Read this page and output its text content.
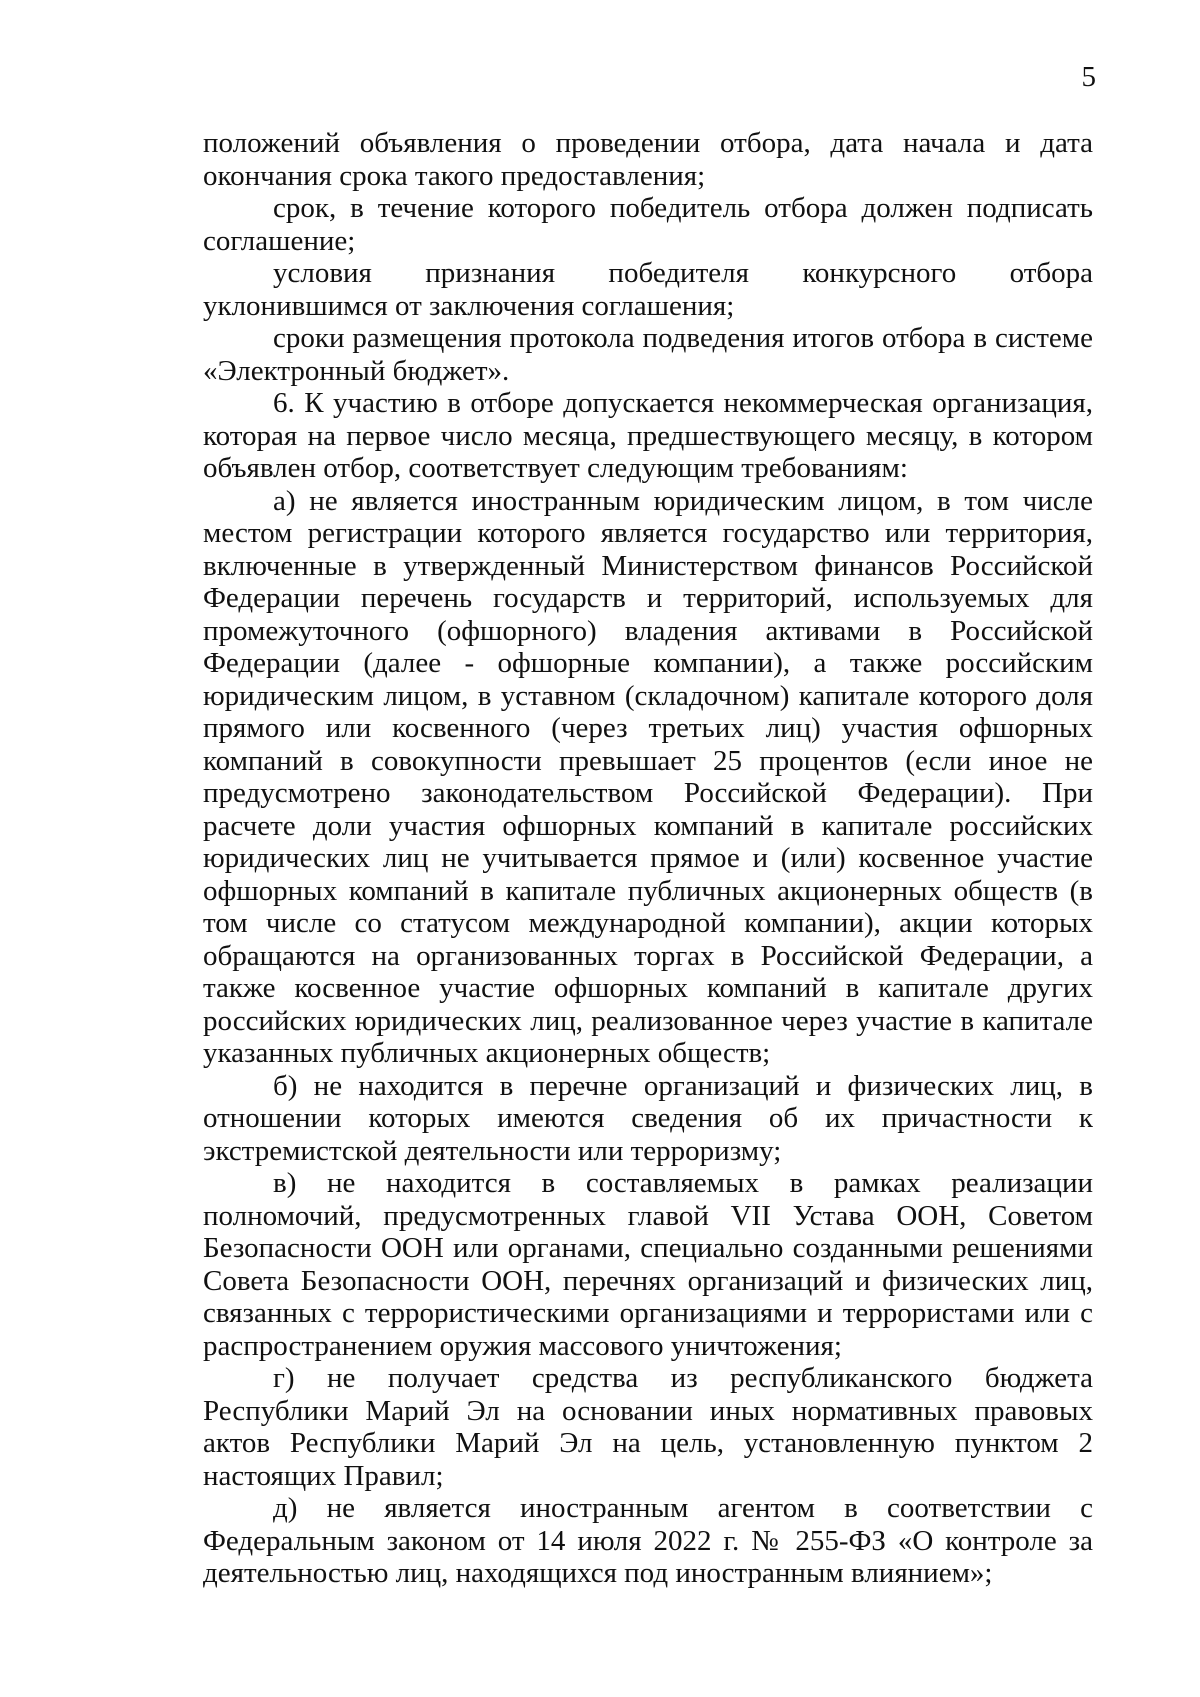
5

положений объявления о проведении отбора, дата начала и дата окончания срока такого предоставления;

срок, в течение которого победитель отбора должен подписать соглашение;

условия признания победителя конкурсного отбора уклонившимся от заключения соглашения;

сроки размещения протокола подведения итогов отбора в системе «Электронный бюджет».

6. К участию в отборе допускается некоммерческая организация, которая на первое число месяца, предшествующего месяцу, в котором объявлен отбор, соответствует следующим требованиям:

а) не является иностранным юридическим лицом, в том числе местом регистрации которого является государство или территория, включенные в утвержденный Министерством финансов Российской Федерации перечень государств и территорий, используемых для промежуточного (офшорного) владения активами в Российской Федерации (далее - офшорные компании), а также российским юридическим лицом, в уставном (складочном) капитале которого доля прямого или косвенного (через третьих лиц) участия офшорных компаний в совокупности превышает 25 процентов (если иное не предусмотрено законодательством Российской Федерации). При расчете доли участия офшорных компаний в капитале российских юридических лиц не учитывается прямое и (или) косвенное участие офшорных компаний в капитале публичных акционерных обществ (в том числе со статусом международной компании), акции которых обращаются на организованных торгах в Российской Федерации, а также косвенное участие офшорных компаний в капитале других российских юридических лиц, реализованное через участие в капитале указанных публичных акционерных обществ;

б) не находится в перечне организаций и физических лиц, в отношении которых имеются сведения об их причастности к экстремистской деятельности или терроризму;

в) не находится в составляемых в рамках реализации полномочий, предусмотренных главой VII Устава ООН, Советом Безопасности ООН или органами, специально созданными решениями Совета Безопасности ООН, перечнях организаций и физических лиц, связанных с террористическими организациями и террористами или с распространением оружия массового уничтожения;

г) не получает средства из республиканского бюджета Республики Марий Эл на основании иных нормативных правовых актов Республики Марий Эл на цель, установленную пунктом 2 настоящих Правил;

д) не является иностранным агентом в соответствии с Федеральным законом от 14 июля 2022 г. № 255-ФЗ «О контроле за деятельностью лиц, находящихся под иностранным влиянием»;
